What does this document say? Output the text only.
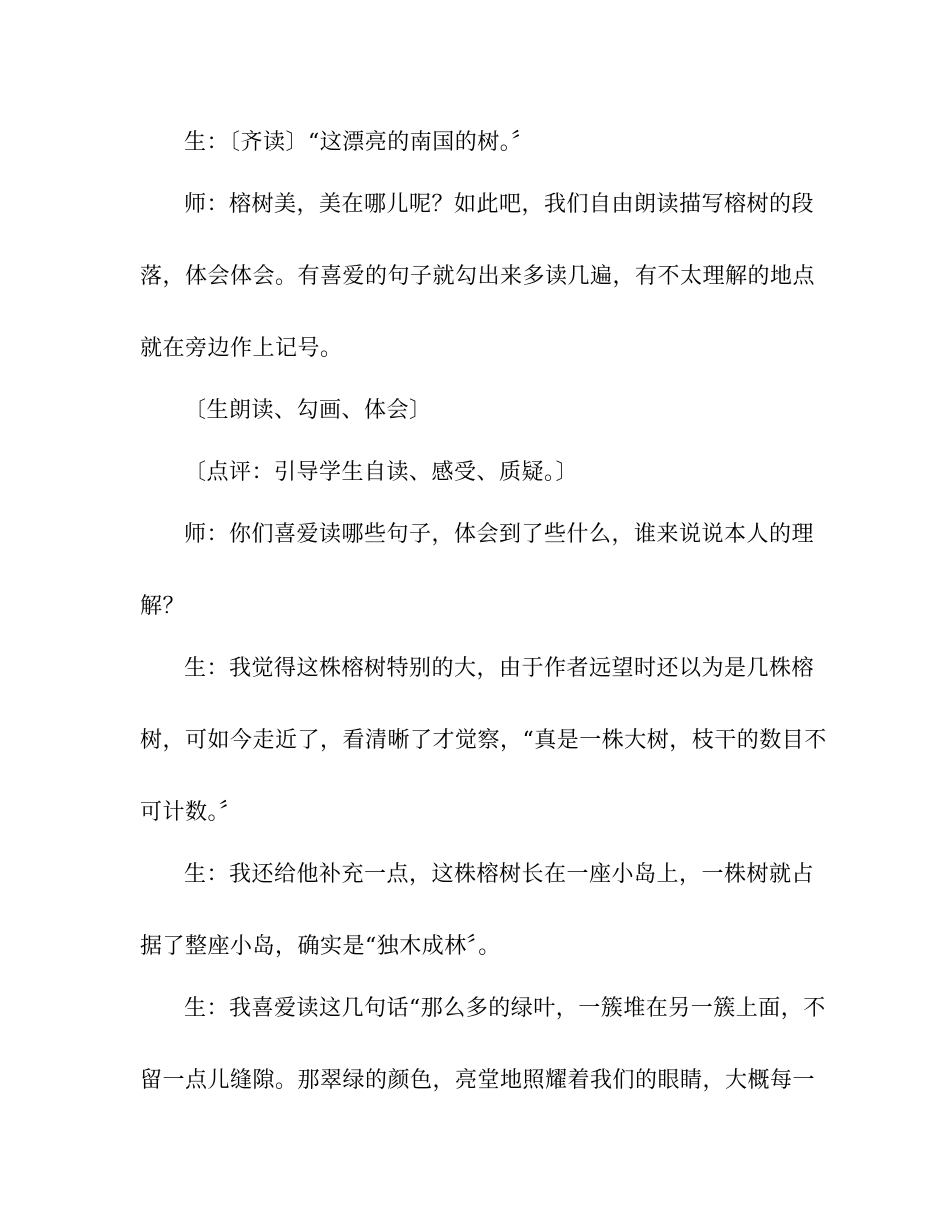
生：〔齐读〕“这漂亮的南国的树。〞
师：榕树美，美在哪儿呢？如此吧，我们自由朗读描写榕树的段
落，体会体会。有喜爱的句子就勾出来多读几遍，有不太理解的地点
就在旁边作上记号。
〔生朗读、勾画、体会〕
〔点评：引导学生自读、感受、质疑。〕
师：你们喜爱读哪些句子，体会到了些什么，谁来说说本人的理
解？
生：我觉得这株榕树特别的大，由于作者远望时还以为是几株榕
树，可如今走近了，看清晰了才觉察，“真是一株大树，枝干的数目不
可计数。〞
生：我还给他补充一点，这株榕树长在一座小岛上，一株树就占
据了整座小岛，确实是“独木成林〞。
生：我喜爱读这几句话“那么多的绿叶，一簇堆在另一簇上面，不
留一点儿缝隙。那翠绿的颜色，亮堂地照耀着我们的眼睛，大概每一
